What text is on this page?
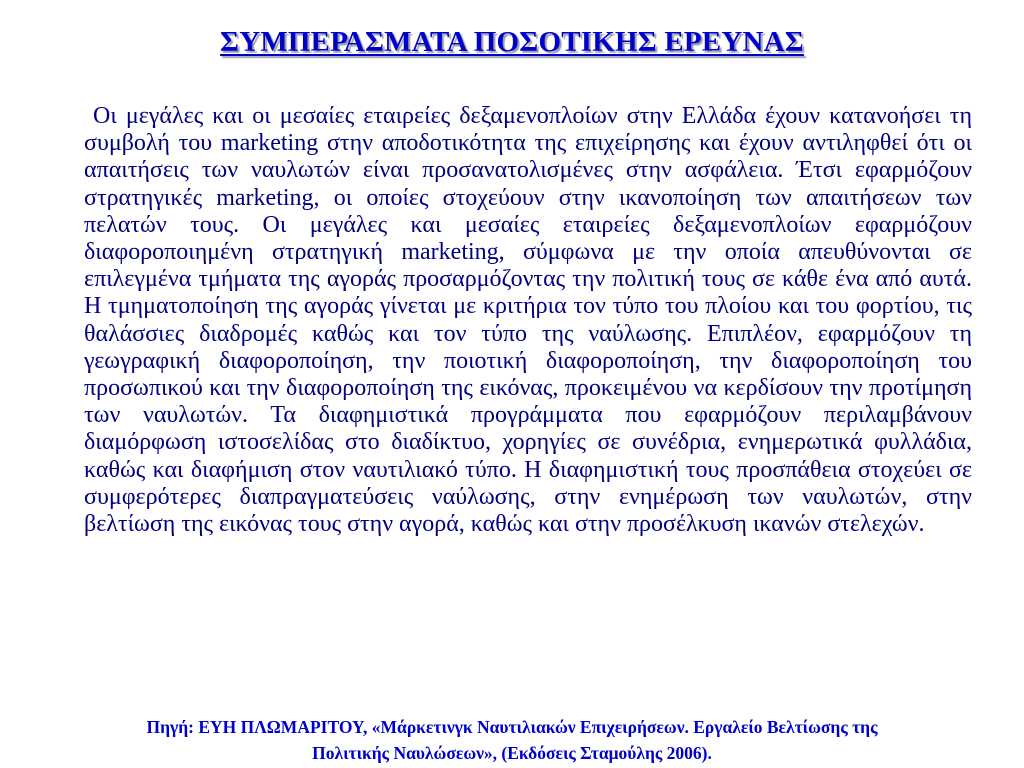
ΣΥΜΠΕΡΑΣΜΑΤΑ ΠΟΣΟΤΙΚΗΣ ΕΡΕΥΝΑΣ

Οι μεγάλες και οι μεσαίες εταιρείες δεξαμενοπλοίων στην Ελλάδα έχουν κατανοήσει τη συμβολή του marketing στην αποδοτικότητα της επιχείρησης και έχουν αντιληφθεί ότι οι απαιτήσεις των ναυλωτών είναι προσανατολισμένες στην ασφάλεια. Έτσι εφαρμόζουν στρατηγικές marketing, οι οποίες στοχεύουν στην ικανοποίηση των απαιτήσεων των πελατών τους. Οι μεγάλες και μεσαίες εταιρείες δεξαμενοπλοίων εφαρμόζουν διαφοροποιημένη στρατηγική marketing, σύμφωνα με την οποία απευθύνονται σε επιλεγμένα τμήματα της αγοράς προσαρμόζοντας την πολιτική τους σε κάθε ένα από αυτά. Η τμηματοποίηση της αγοράς γίνεται με κριτήρια τον τύπο του πλοίου και του φορτίου, τις θαλάσσιες διαδρομές καθώς και τον τύπο της ναύλωσης. Επιπλέον, εφαρμόζουν τη γεωγραφική διαφοροποίηση, την ποιοτική διαφοροποίηση, την διαφοροποίηση του προσωπικού και την διαφοροποίηση της εικόνας, προκειμένου να κερδίσουν την προτίμηση των ναυλωτών. Τα διαφημιστικά προγράμματα που εφαρμόζουν περιλαμβάνουν διαμόρφωση ιστοσελίδας στο διαδίκτυο, χορηγίες σε συνέδρια, ενημερωτικά φυλλάδια, καθώς και διαφήμιση στον ναυτιλιακό τύπο. Η διαφημιστική τους προσπάθεια στοχεύει σε συμφερότερες διαπραγματεύσεις ναύλωσης, στην ενημέρωση των ναυλωτών, στην βελτίωση της εικόνας τους στην αγορά, καθώς και στην προσέλκυση ικανών στελεχών.

Πηγή: ΕΥΗ ΠΛΩΜΑΡΙΤΟΥ, «Μάρκετινγκ Ναυτιλιακών Επιχειρήσεων. Εργαλείο Βελτίωσης της
Πολιτικής Ναυλώσεων», (Εκδόσεις Σταμούλης 2006).
